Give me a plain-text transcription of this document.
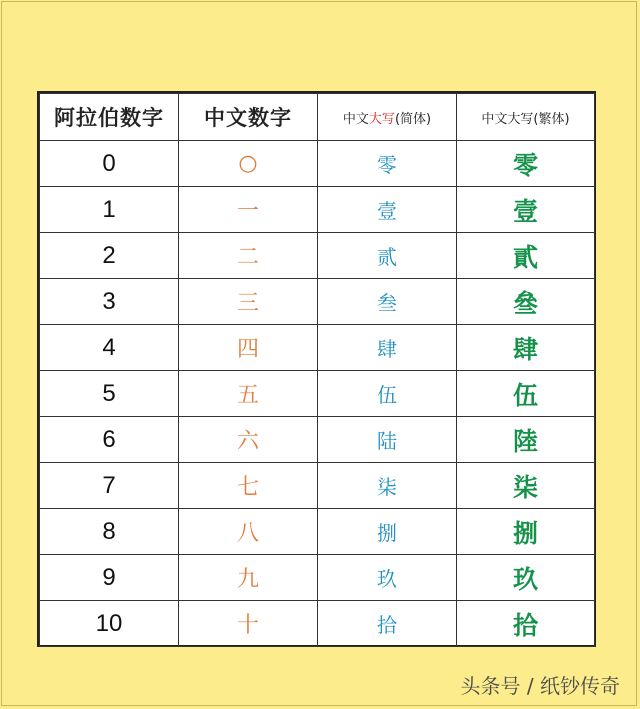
阿拉伯数字	中文数字	中文大写(简体)	中文大写(繁体)
0	○	零	零
1	一	壹	壹
2	二	贰	貳
3	三	叁	叄
4	四	肆	肆
5	五	伍	伍
6	六	陆	陸
7	七	柒	柒
8	八	捌	捌
9	九	玖	玖
10	十	拾	拾
头条号 / 纸钞传奇
